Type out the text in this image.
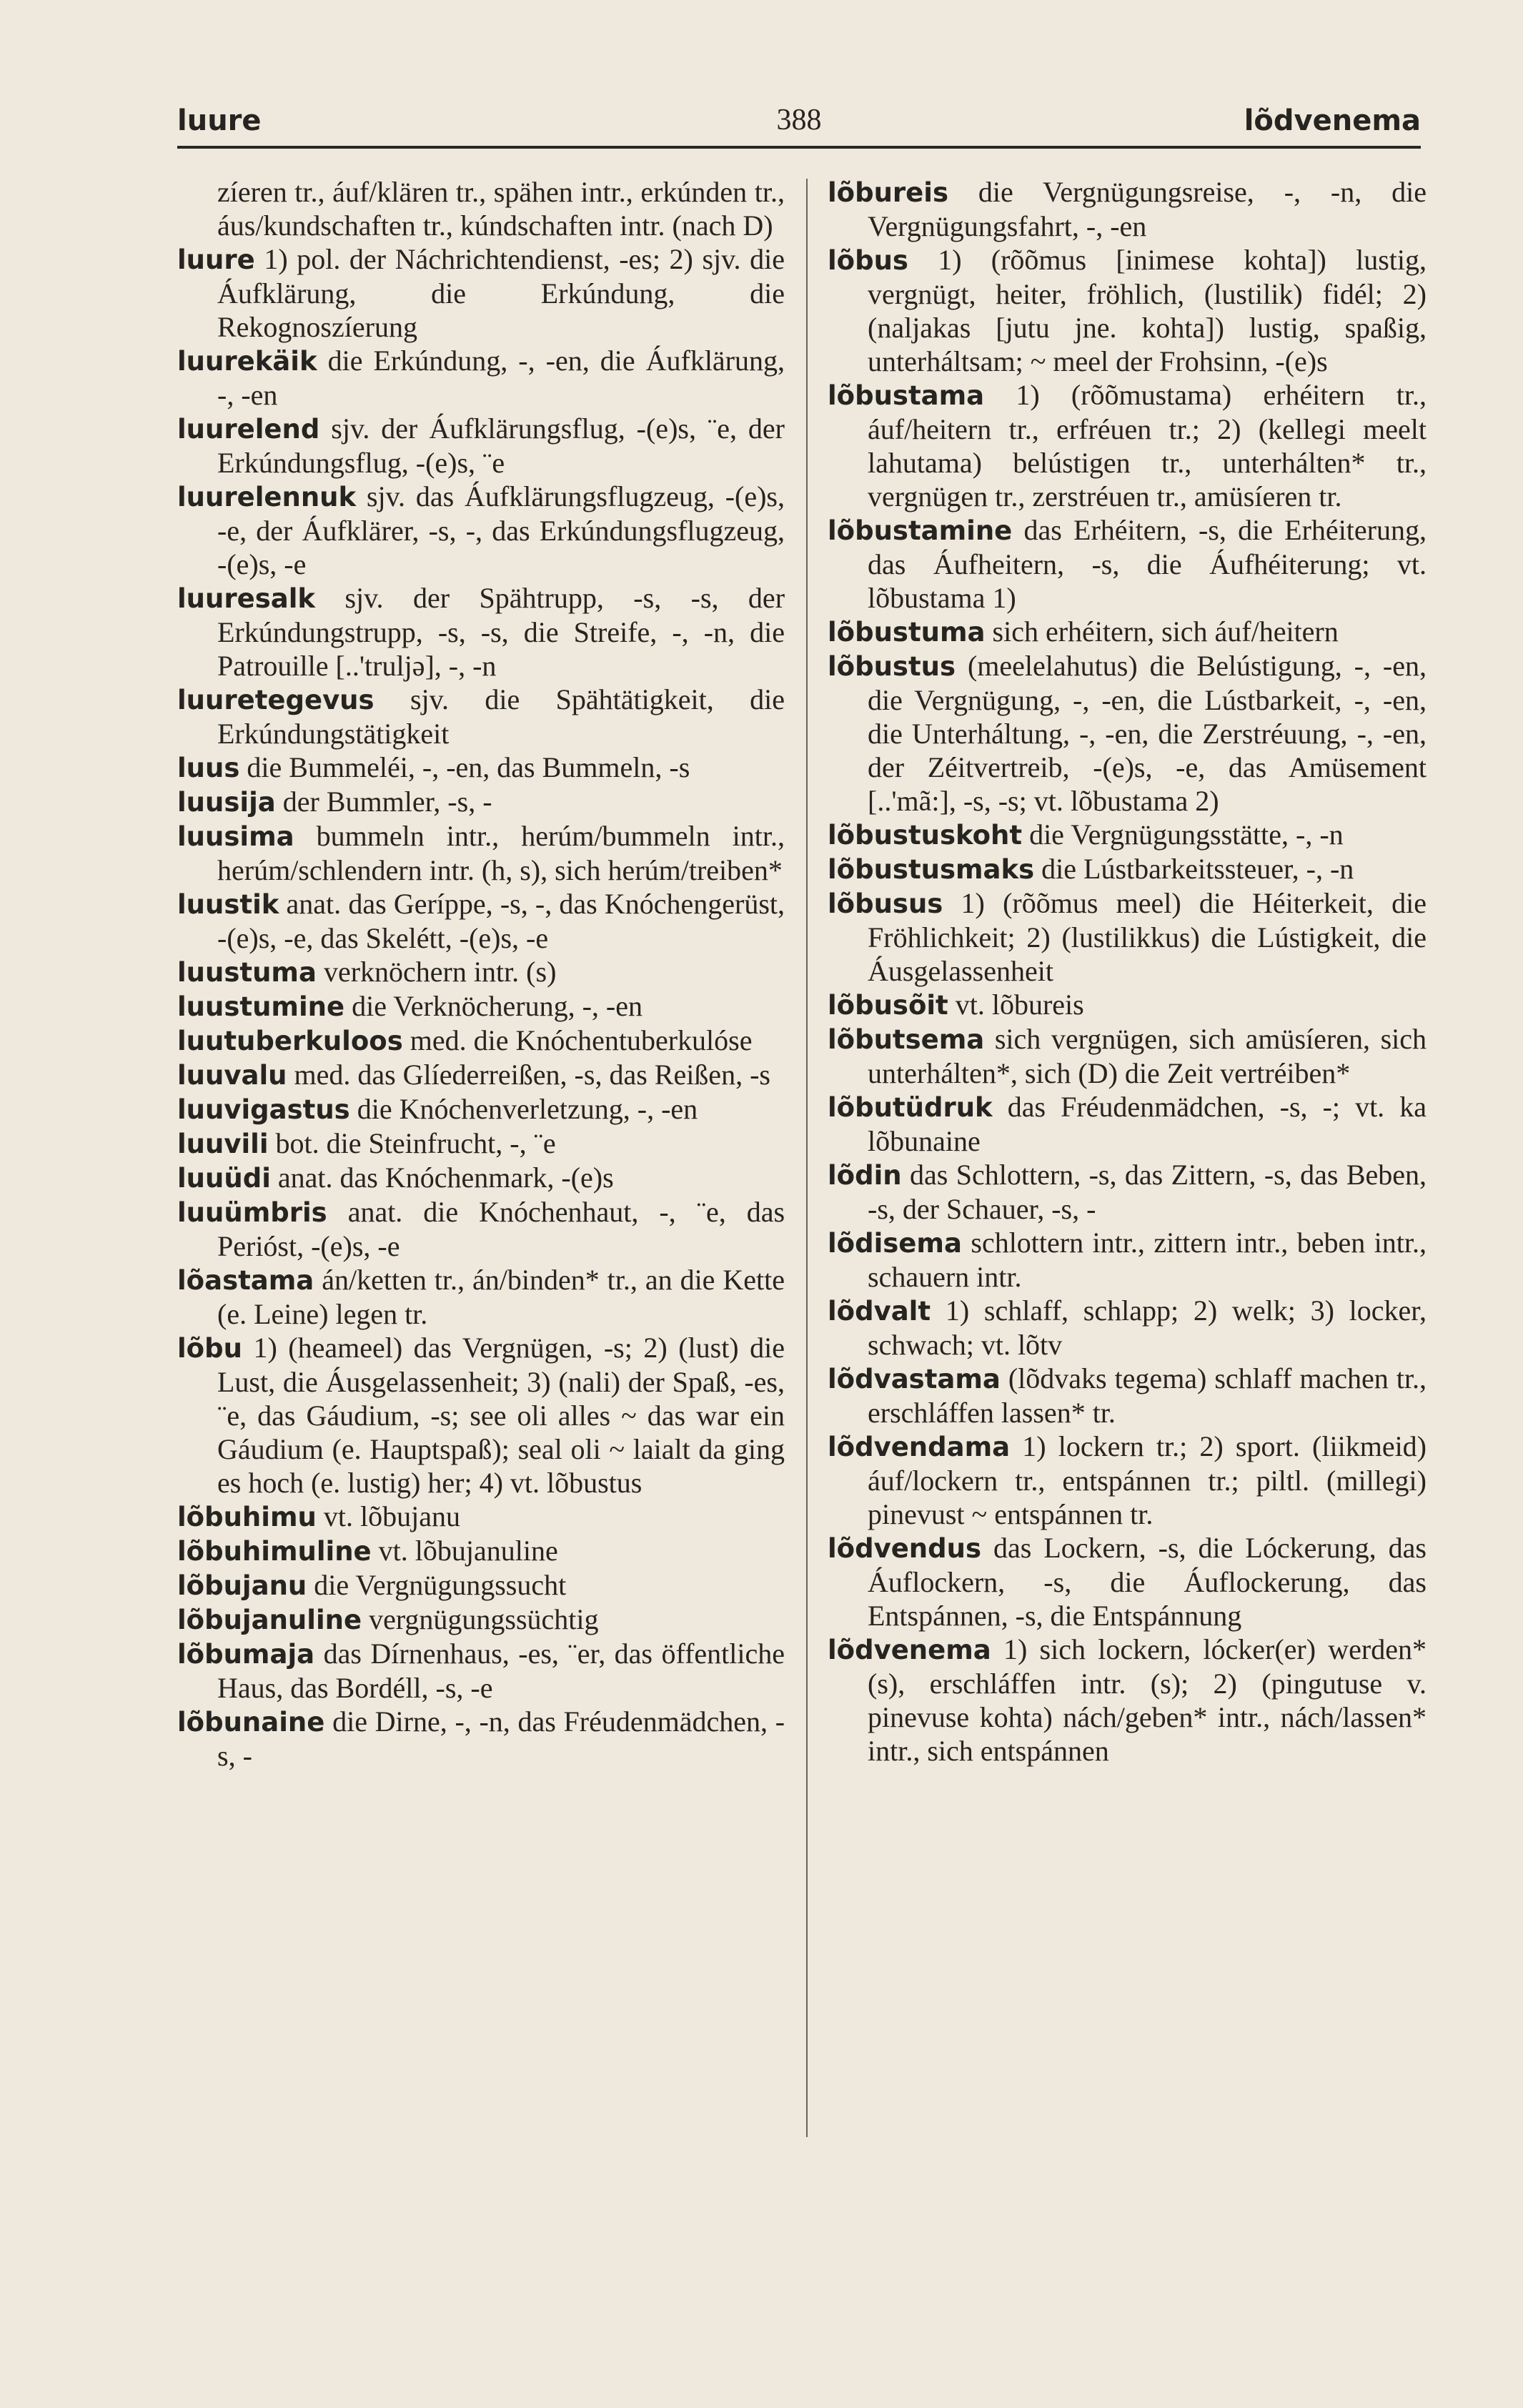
luure	388	lõdvenema
zíeren tr., áuf/klären tr., spähen intr., erkúnden tr., áus/kundschaften tr., kúndschaften intr. (nach D)
luure 1) pol. der Náchrichtendienst, -es; 2) sjv. die Áufklärung, die Erkúndung, die Rekognoszíerung
luurekäik die Erkúndung, -, -en, die Áufklärung, -, -en
luurelend sjv. der Áufklärungsflug, -(e)s, ¨e, der Erkúndungsflug, -(e)s, ¨e
luurelennuk sjv. das Áufklärungsflugzeug, -(e)s, -e, der Áufklärer, -s, -, das Erkúndungsflugzeug, -(e)s, -e
luuresalk sjv. der Spähtrupp, -s, -s, der Erkúndungstrupp, -s, -s, die Streife, -, -n, die Patrouille [..'truljə], -, -n
luuretegevus sjv. die Spähtätigkeit, die Erkúndungstätigkeit
luus die Bummeléi, -, -en, das Bummeln, -s
luusija der Bummler, -s, -
luusima bummeln intr., herúm/bummeln intr., herúm/schlendern intr. (h, s), sich herúm/treiben*
luustik anat. das Geríppe, -s, -, das Knóchengerüst, -(e)s, -e, das Skelétt, -(e)s, -e
luustuma verknöchern intr. (s)
luustumine die Verknöcherung, -, -en
luutuberkuloos med. die Knóchentuberkulóse
luuvalu med. das Glíederreißen, -s, das Reißen, -s
luuvigastus die Knóchenverletzung, -, -en
luuvili bot. die Steinfrucht, -, ¨e
luuüdi anat. das Knóchenmark, -(e)s
luuümbris anat. die Knóchenhaut, -, ¨e, das Perióst, -(e)s, -e
lõastama án/ketten tr., án/binden* tr., an die Kette (e. Leine) legen tr.
lõbu 1) (heameel) das Vergnügen, -s; 2) (lust) die Lust, die Áusgelassenheit; 3) (nali) der Spaß, -es, ¨e, das Gáudium, -s; see oli alles ~ das war ein Gáudium (e. Hauptspaß); seal oli ~ laialt da ging es hoch (e. lustig) her; 4) vt. lõbustus
lõbuhimu vt. lõbujanu
lõbuhimuline vt. lõbujanuline
lõbujanu die Vergnügungssucht
lõbujanuline vergnügungssüchtig
lõbumaja das Dírnenhaus, -es, ¨er, das öffentliche Haus, das Bordéll, -s, -e
lõbunaine die Dirne, -, -n, das Fréudenmädchen, -s, -
lõbureis die Vergnügungsreise, -, -n, die Vergnügungsfahrt, -, -en
lõbus 1) (rõõmus [inimese kohta]) lustig, vergnügt, heiter, fröhlich, (lustilik) fidél; 2) (naljakas [jutu jne. kohta]) lustig, spaßig, unterháltsam; ~ meel der Frohsinn, -(e)s
lõbustama 1) (rõõmustama) erhéitern tr., áuf/heitern tr., erfréuen tr.; 2) (kellegi meelt lahutama) belústigen tr., unterhálten* tr., vergnügen tr., zerstréuen tr., amüsíeren tr.
lõbustamine das Erhéitern, -s, die Erhéiterung, das Áufheitern, -s, die Áufhéiterung; vt. lõbustama 1)
lõbustuma sich erhéitern, sich áuf/heitern
lõbustus (meelelahutus) die Belústigung, -, -en, die Vergnügung, -, -en, die Lústbarkeit, -, -en, die Unterháltung, -, -en, die Zerstréuung, -, -en, der Zéitvertreib, -(e)s, -e, das Amüsement [..'mã:], -s, -s; vt. lõbustama 2)
lõbustuskoht die Vergnügungsstätte, -, -n
lõbustusmaks die Lústbarkeitssteuer, -, -n
lõbusus 1) (rõõmus meel) die Héiterkeit, die Fröhlichkeit; 2) (lustilikkus) die Lústigkeit, die Áusgelassenheit
lõbusõit vt. lõbureis
lõbutsema sich vergnügen, sich amüsíeren, sich unterhálten*, sich (D) die Zeit vertréiben*
lõbutüdruk das Fréudenmädchen, -s, -; vt. ka lõbunaine
lõdin das Schlottern, -s, das Zittern, -s, das Beben, -s, der Schauer, -s, -
lõdisema schlottern intr., zittern intr., beben intr., schauern intr.
lõdvalt 1) schlaff, schlapp; 2) welk; 3) locker, schwach; vt. lõtv
lõdvastama (lõdvaks tegema) schlaff machen tr., erschláffen lassen* tr.
lõdvendama 1) lockern tr.; 2) sport. (liikmeid) áuf/lockern tr., entspánnen tr.; piltl. (millegi) pinevust ~ entspánnen tr.
lõdvendus das Lockern, -s, die Lóckerung, das Áuflockern, -s, die Áuflockerung, das Entspánnen, -s, die Entspánnung
lõdvenema 1) sich lockern, lócker(er) werden* (s), erschláffen intr. (s); 2) (pingutuse v. pinevuse kohta) nách/geben* intr., nách/lassen* intr., sich entspánnen
